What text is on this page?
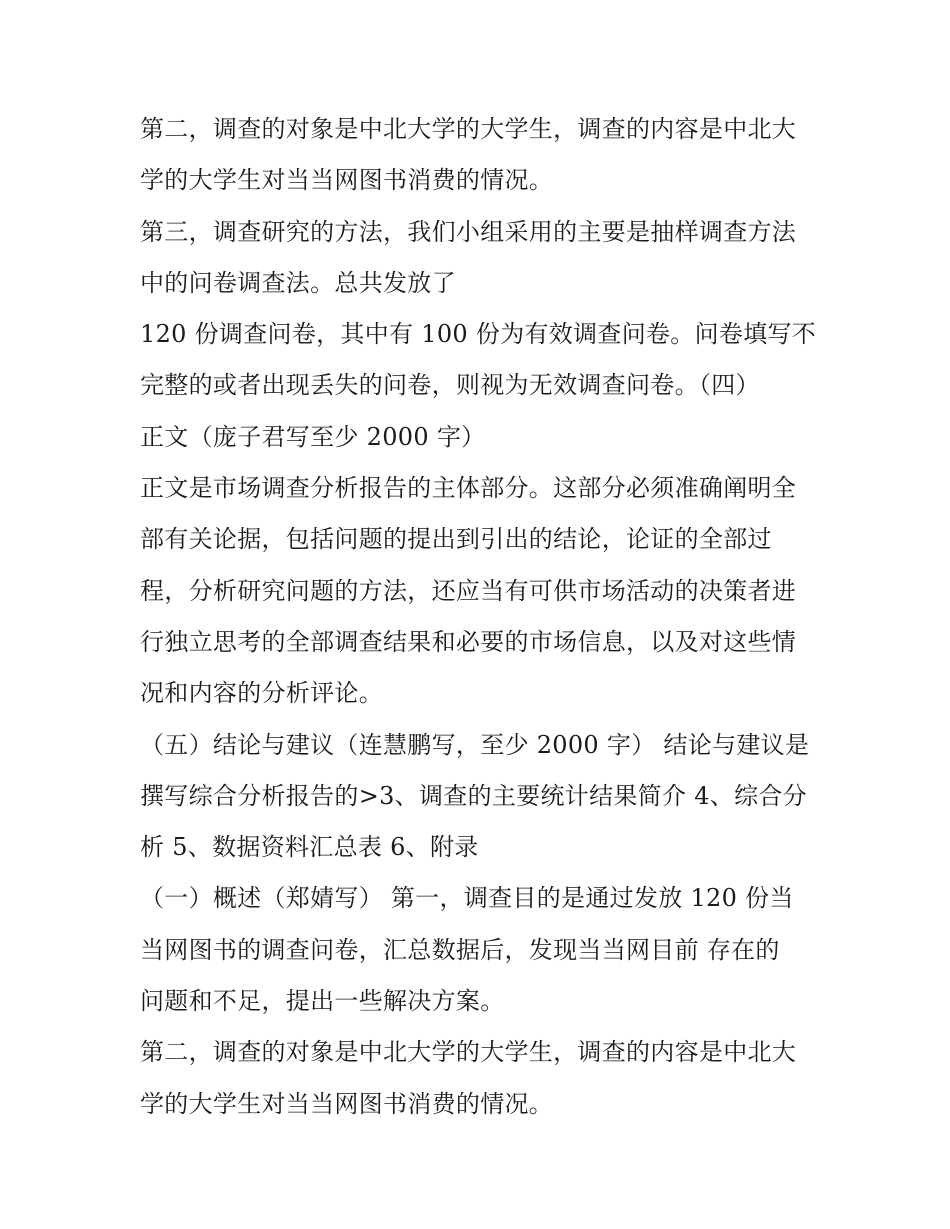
第二，调查的对象是中北大学的大学生，调查的内容是中北大
学的大学生对当当网图书消费的情况。
第三，调查研究的方法，我们小组采用的主要是抽样调查方法
中的问卷调查法。总共发放了
120 份调查问卷，其中有 100 份为有效调查问卷。问卷填写不
完整的或者出现丢失的问卷，则视为无效调查问卷。（四）
正文（庞子君写至少 2000 字）
正文是市场调查分析报告的主体部分。这部分必须准确阐明全
部有关论据，包括问题的提出到引出的结论，论证的全部过
程，分析研究问题的方法，还应当有可供市场活动的决策者进
行独立思考的全部调查结果和必要的市场信息，以及对这些情
况和内容的分析评论。
（五）结论与建议（连慧鹏写，至少 2000 字） 结论与建议是
撰写综合分析报告的>3、调查的主要统计结果简介 4、综合分
析 5、数据资料汇总表 6、附录
（一）概述（郑婧写） 第一，调查目的是通过发放 120 份当
当网图书的调查问卷，汇总数据后，发现当当网目前 存在的
问题和不足，提出一些解决方案。
第二，调查的对象是中北大学的大学生，调查的内容是中北大
学的大学生对当当网图书消费的情况。
